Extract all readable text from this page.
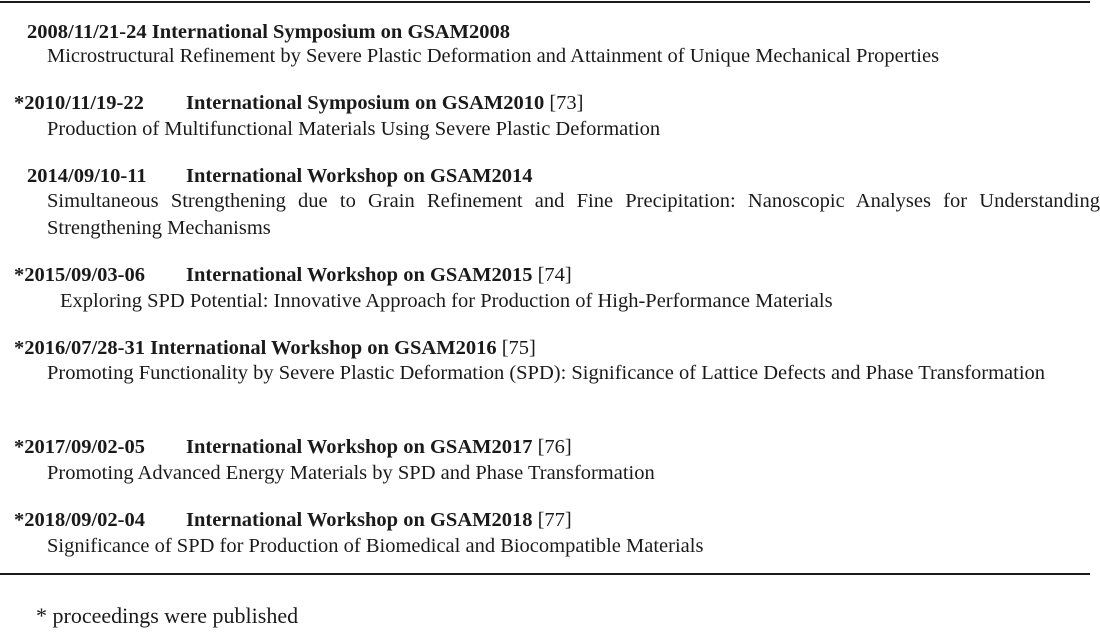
2008/11/21-24 International Symposium on GSAM2008
Microstructural Refinement by Severe Plastic Deformation and Attainment of Unique Mechanical Properties
*2010/11/19-22 International Symposium on GSAM2010 [73]
Production of Multifunctional Materials Using Severe Plastic Deformation
2014/09/10-11 International Workshop on GSAM2014
Simultaneous Strengthening due to Grain Refinement and Fine Precipitation: Nanoscopic Analyses for Understanding Strengthening Mechanisms
*2015/09/03-06 International Workshop on GSAM2015 [74]
Exploring SPD Potential: Innovative Approach for Production of High-Performance Materials
*2016/07/28-31 International Workshop on GSAM2016 [75]
Promoting Functionality by Severe Plastic Deformation (SPD): Significance of Lattice Defects and Phase Transformation
*2017/09/02-05 International Workshop on GSAM2017 [76]
Promoting Advanced Energy Materials by SPD and Phase Transformation
*2018/09/02-04 International Workshop on GSAM2018 [77]
Significance of SPD for Production of Biomedical and Biocompatible Materials
* proceedings were published
